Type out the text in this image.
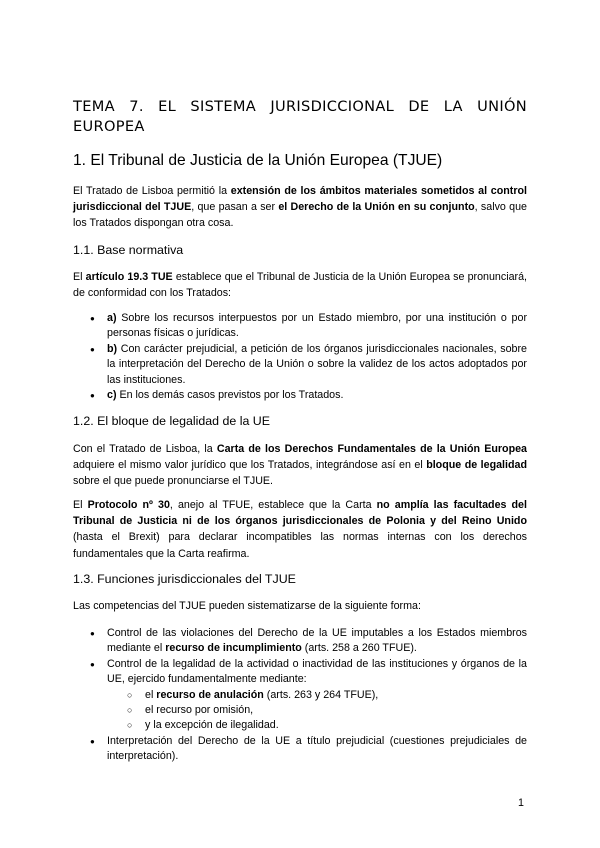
TEMA 7. EL SISTEMA JURISDICCIONAL DE LA UNIÓN
EUROPEA
1. El Tribunal de Justicia de la Unión Europea (TJUE)

El Tratado de Lisboa permitió la extensión de los ámbitos materiales sometidos al control jurisdiccional del TJUE, que pasan a ser el Derecho de la Unión en su conjunto, salvo que los Tratados dispongan otra cosa.

1.1. Base normativa

El artículo 19.3 TUE establece que el Tribunal de Justicia de la Unión Europea se pronunciará, de conformidad con los Tratados:

● a) Sobre los recursos interpuestos por un Estado miembro, por una institución o por personas físicas o jurídicas.
● b) Con carácter prejudicial, a petición de los órganos jurisdiccionales nacionales, sobre la interpretación del Derecho de la Unión o sobre la validez de los actos adoptados por las instituciones.
● c) En los demás casos previstos por los Tratados.
1.2. El bloque de legalidad de la UE

Con el Tratado de Lisboa, la Carta de los Derechos Fundamentales de la Unión Europea adquiere el mismo valor jurídico que los Tratados, integrándose así en el bloque de legalidad sobre el que puede pronunciarse el TJUE.

El Protocolo nº 30, anejo al TFUE, establece que la Carta no amplía las facultades del Tribunal de Justicia ni de los órganos jurisdiccionales de Polonia y del Reino Unido (hasta el Brexit) para declarar incompatibles las normas internas con los derechos fundamentales que la Carta reafirma.

1.3. Funciones jurisdiccionales del TJUE

Las competencias del TJUE pueden sistematizarse de la siguiente forma:

● Control de las violaciones del Derecho de la UE imputables a los Estados miembros mediante el recurso de incumplimiento (arts. 258 a 260 TFUE).
● Control de la legalidad de la actividad o inactividad de las instituciones y órganos de la UE, ejercido fundamentalmente mediante:
○ el recurso de anulación (arts. 263 y 264 TFUE),
○ el recurso por omisión,
○ y la excepción de ilegalidad.
● Interpretación del Derecho de la UE a título prejudicial (cuestiones prejudiciales de interpretación).
1
